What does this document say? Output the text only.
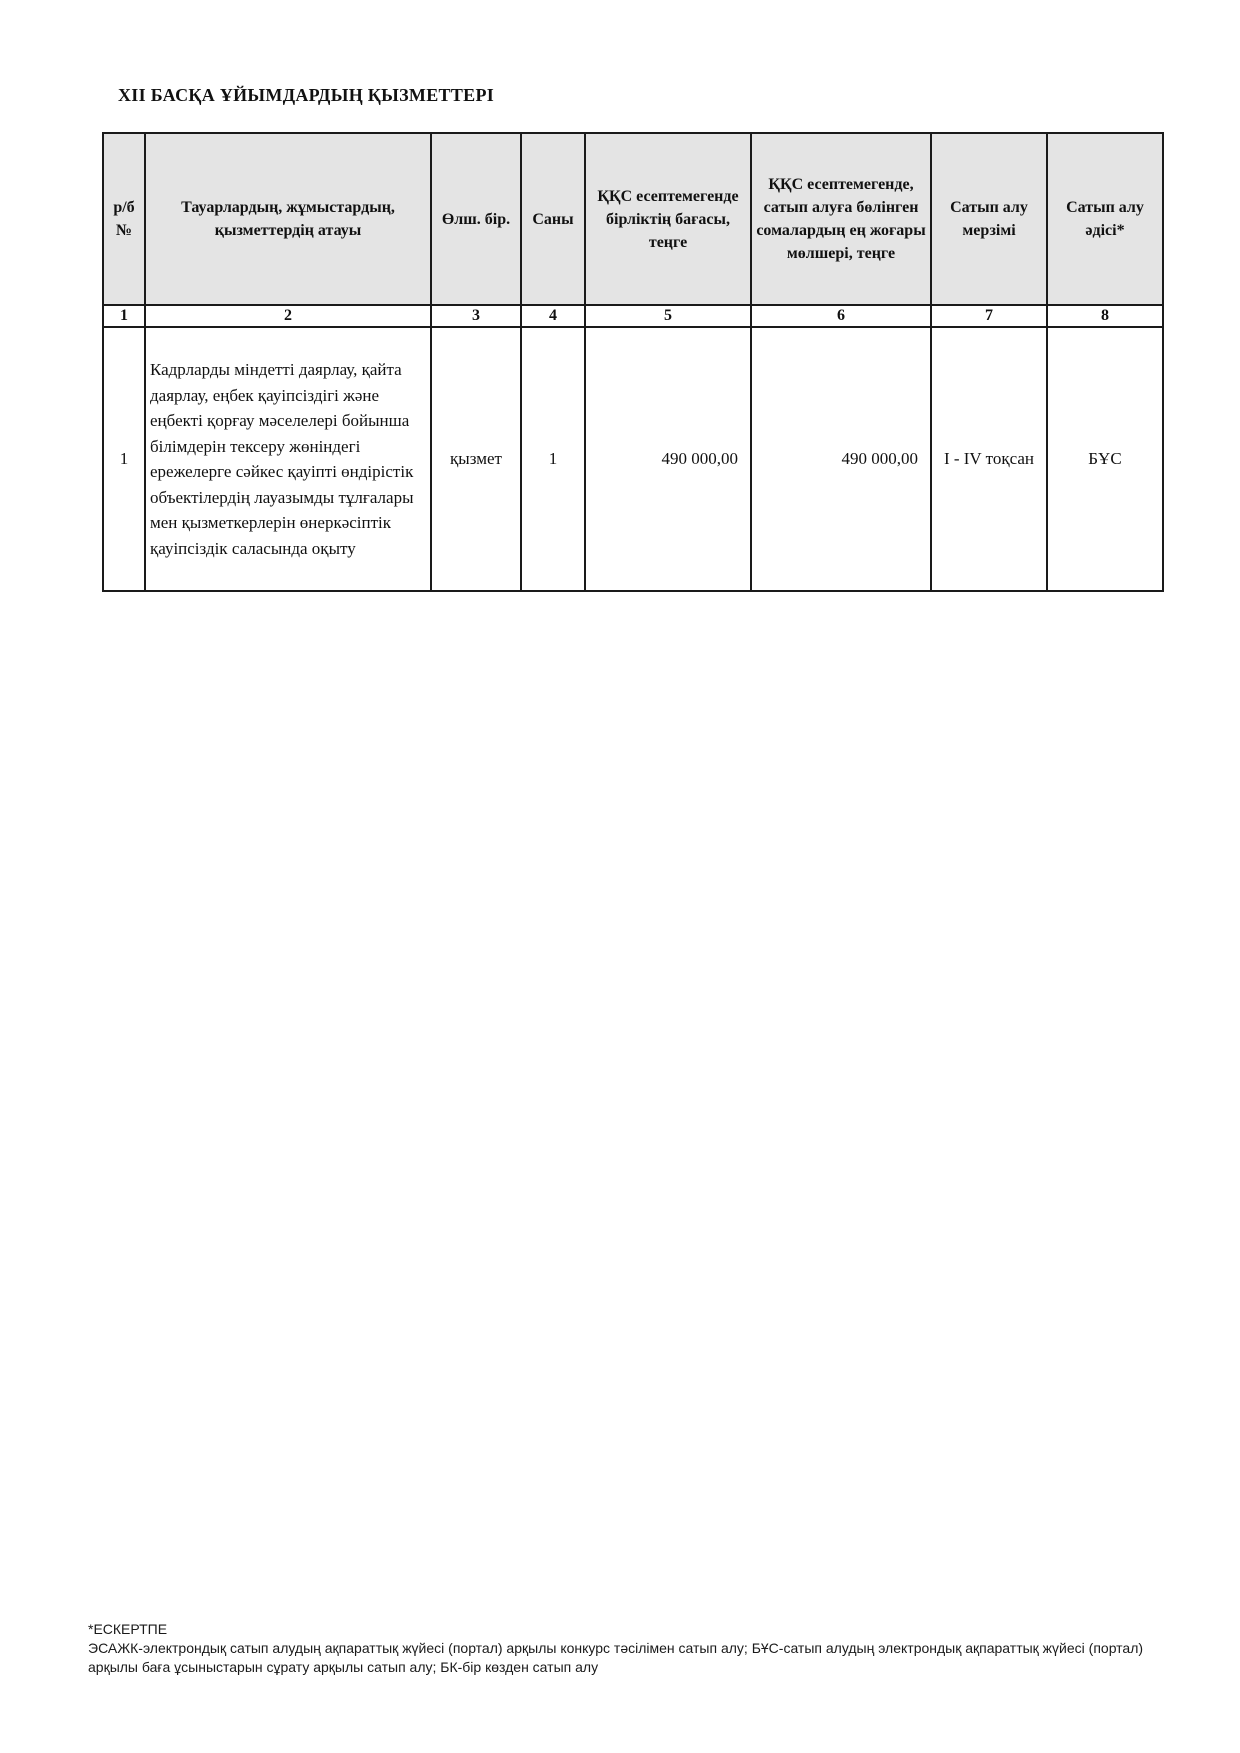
XII БАСҚА ҰЙЫМДАРДЫҢ ҚЫЗМЕТТЕРІ
р/б №	Тауарлардың, жұмыстардың, қызметтердің атауы	Өлш. бір.	Саны	ҚҚС есептемегенде бірліктің бағасы, теңге	ҚҚС есептемегенде, сатып алуға бөлінген сомалардың ең жоғары мөлшері, теңге	Сатып алу мерзімі	Сатып алу әдісі*
1	2	3	4	5	6	7	8
1	Кадрларды міндетті даярлау, қайта даярлау, еңбек қауіпсіздігі және еңбекті қорғау мәселелері бойынша білімдерін тексеру жөніндегі ережелерге сәйкес қауіпті өндірістік объектілердің лауазымды тұлғалары мен қызметкерлерін өнеркәсіптік қауіпсіздік саласында оқыту	қызмет	1	490 000,00	490 000,00	I - IV тоқсан	БҰС
*ЕСКЕРТПЕ
ЭСАЖК-электрондық сатып алудың ақпараттық жүйесі (портал) арқылы конкурс тәсілімен сатып алу; БҰС-сатып алудың электрондық ақпараттық жүйесі (портал) арқылы баға ұсыныстарын сұрату арқылы сатып алу; БК-бір көзден сатып алу
